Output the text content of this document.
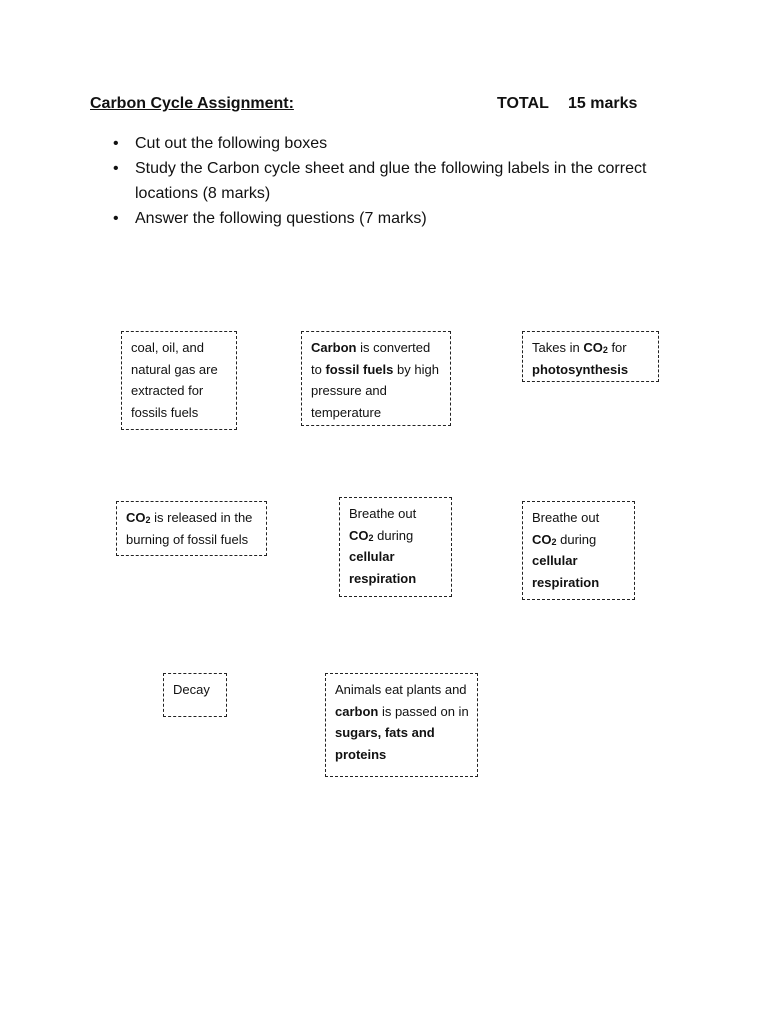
Carbon Cycle Assignment:	TOTAL 15 marks
• Cut out the following boxes
• Study the Carbon cycle sheet and glue the following labels in the correct locations (8 marks)
• Answer the following questions (7 marks)
coal, oil, and natural gas are extracted for fossils fuels
Carbon is converted to fossil fuels by high pressure and temperature
Takes in $CO_2$ for photosynthesis
$CO_2$ is released in the burning of fossil fuels
Breathe out $CO_2$ during cellular respiration
Breathe out $CO_2$ during cellular respiration
Decay	Animals eat plants and carbon is passed on in sugars, fats and proteins
